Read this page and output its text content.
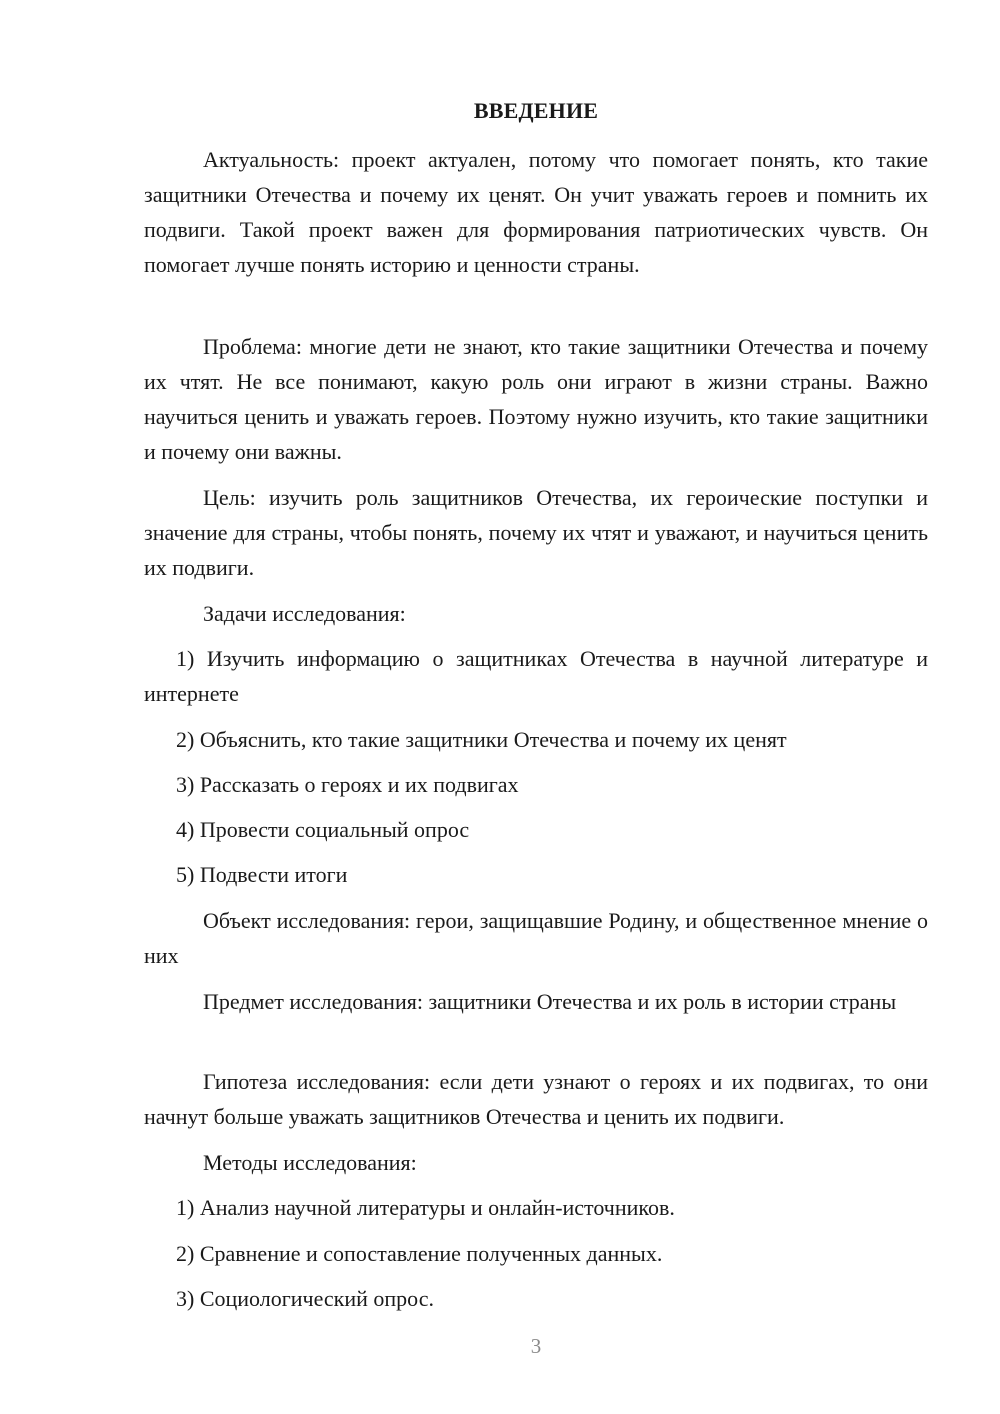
ВВЕДЕНИЕ

Актуальность: проект актуален, потому что помогает понять, кто такие защитники Отечества и почему их ценят. Он учит уважать героев и помнить их подвиги. Такой проект важен для формирования патриотических чувств. Он помогает лучше понять историю и ценности страны.

Проблема: многие дети не знают, кто такие защитники Отечества и почему их чтят. Не все понимают, какую роль они играют в жизни страны. Важно научиться ценить и уважать героев. Поэтому нужно изучить, кто такие защитники и почему они важны.

Цель: изучить роль защитников Отечества, их героические поступки и значение для страны, чтобы понять, почему их чтят и уважают, и научиться ценить их подвиги.

Задачи исследования:

1) Изучить информацию о защитниках Отечества в научной литературе и интернете

2) Объяснить, кто такие защитники Отечества и почему их ценят

3) Рассказать о героях и их подвигах

4) Провести социальный опрос

5) Подвести итоги

Объект исследования: герои, защищавшие Родину, и общественное мнение о них

Предмет исследования: защитники Отечества и их роль в истории страны

Гипотеза исследования: если дети узнают о героях и их подвигах, то они начнут больше уважать защитников Отечества и ценить их подвиги.

Методы исследования:

1) Анализ научной литературы и онлайн-источников.

2) Сравнение и сопоставление полученных данных.

3) Социологический опрос.

3
